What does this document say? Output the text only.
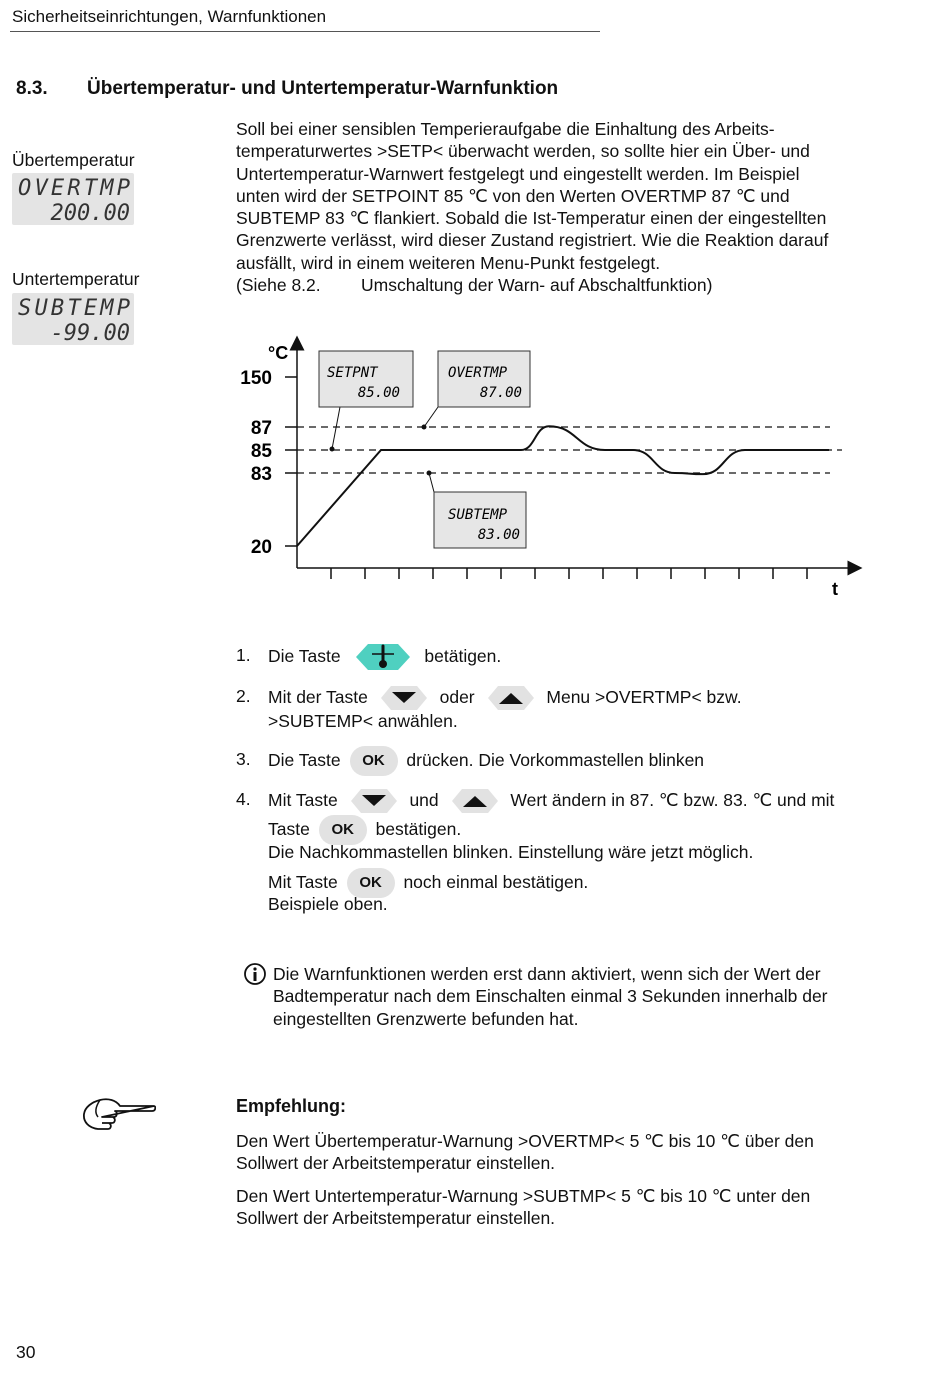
Sicherheitseinrichtungen, Warnfunktionen
8.3. Übertemperatur- und Untertemperatur-Warnfunktion
Übertemperatur
OVERTMP
200.00
Untertemperatur
SUBTEMP
-99.00

Soll bei einer sensiblen Temperieraufgabe die Einhaltung des Arbeits-

temperaturwertes >SETP< überwacht werden, so sollte hier ein Über- und

Untertemperatur-Warnwert festgelegt und eingestellt werden. Im Beispiel

unten wird der SETPOINT 85 ℃ von den Werten OVERTMP 87 ℃ und

SUBTEMP 83 ℃ flankiert. Sobald die Ist-Temperatur einen der eingestellten

Grenzwerte verlässt, wird dieser Zustand registriert. Wie die Reaktion darauf

ausfällt, wird in einem weiteren Menu-Punkt festgelegt.

(Siehe 8.2. Umschaltung der Warn- auf Abschaltfunktion)

°C
t
150
87
85
83
20
SETPNT
85.00
OVERTMP
87.00
SUBTEMP
83.00
1. Die Taste	betätigen.
2. Mit der Taste	oder	Menu >OVERTMP< bzw.
>SUBTEMP< anwählen.
3. Die Taste OK drücken. Die Vorkommastellen blinken
4. Mit Taste	und	Wert ändern in 87. ℃ bzw. 83. ℃ und mit
Taste OK bestätigen.
Die Nachkommastellen blinken. Einstellung wäre jetzt möglich.
Mit Taste OK noch einmal bestätigen.
Beispiele oben.
Die Warnfunktionen werden erst dann aktiviert, wenn sich der Wert der
Badtemperatur nach dem Einschalten einmal 3 Sekunden innerhalb der
eingestellten Grenzwerte befunden hat.
Empfehlung:
Den Wert Übertemperatur-Warnung >OVERTMP< 5 ℃ bis 10 ℃ über den
Sollwert der Arbeitstemperatur einstellen.
Den Wert Untertemperatur-Warnung >SUBTMP< 5 ℃ bis 10 ℃ unter den
Sollwert der Arbeitstemperatur einstellen.
30
